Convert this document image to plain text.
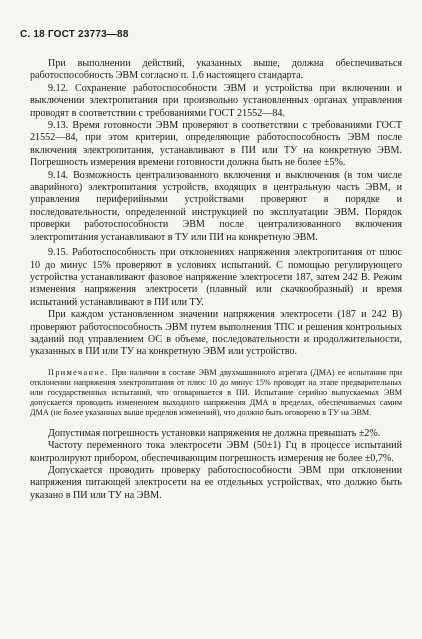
С. 18 ГОСТ 23773—88

При выполнении действий, указанных выше, должна обеспечиваться работоспособность ЭВМ согласно п. 1.6 настоящего стандарта.

9.12. Сохранение работоспособности ЭВМ и устройства при включении и выключении электропитания при произвольно установленных органах управления проводят в соответствии с требованиями ГОСТ 21552—84.

9.13. Время готовности ЭВМ проверяют в соответствии с требованиями ГОСТ 21552—84, при этом критерии, определяющие работоспособность ЭВМ после включения электропитания, устанавливают в ПИ или ТУ на конкретную ЭВМ. Погрешность измерения времени готовности должна быть не более ±5%.

9.14. Возможность централизованного включения и выключения (в том числе аварийного) электропитания устройств, входящих в центральную часть ЭВМ, и управления периферийными устройствами проверяют в порядке и последовательности, определенной инструкцией по эксплуатации ЭВМ. Порядок проверки работоспособности ЭВМ после централизованного включения электропитания устанавливают в ТУ или ПИ на конкретную ЭВМ.

9.15. Работоспособность при отклонениях напряжения электропитания от плюс 10 до минус 15% проверяют в условиях испытаний. С помощью регулирующего устройства устанавливают фазовое напряжение электросети 187, затем 242 В. Режим изменения напряжения электросети (плавный или скачкообразный) и время испытаний устанавливают в ПИ или ТУ.

При каждом установленном значении напряжения электросети (187 и 242 В) проверяют работоспособность ЭВМ путем выполнения ТПС и решения контрольных заданий под управлением ОС в объеме, последовательности и продолжительности, указанных в ПИ или ТУ на конкретную ЭВМ или устройство.

Примечание. При наличии в составе ЭВМ двухмашинного агрегата (ДМА) ее испытания при отклонении напряжения электропитания от плюс 10 до минус 15% проводят на этапе предварительных или государственных испытаний, что оговаривается в ПИ. Испытание серийно выпускаемых ЭВМ допускается проводить изменением выходного напряжения ДМА в пределах, обеспечиваемых самим ДМА (не более указанных выше пределов изменений), что должно быть оговорено в ТУ на ЭВМ.

Допустимая погрешность установки напряжения не должна превышать ±2%.

Частоту переменного тока электросети ЭВМ (50±1) Гц в процессе испытаний контролируют прибором, обеспечивающим погрешность измерения не более ±0,7%.

Допускается проводить проверку работоспособности ЭВМ при отклонении напряжения питающей электросети на ее отдельных устройствах, что должно быть указано в ПИ или ТУ на ЭВМ.
